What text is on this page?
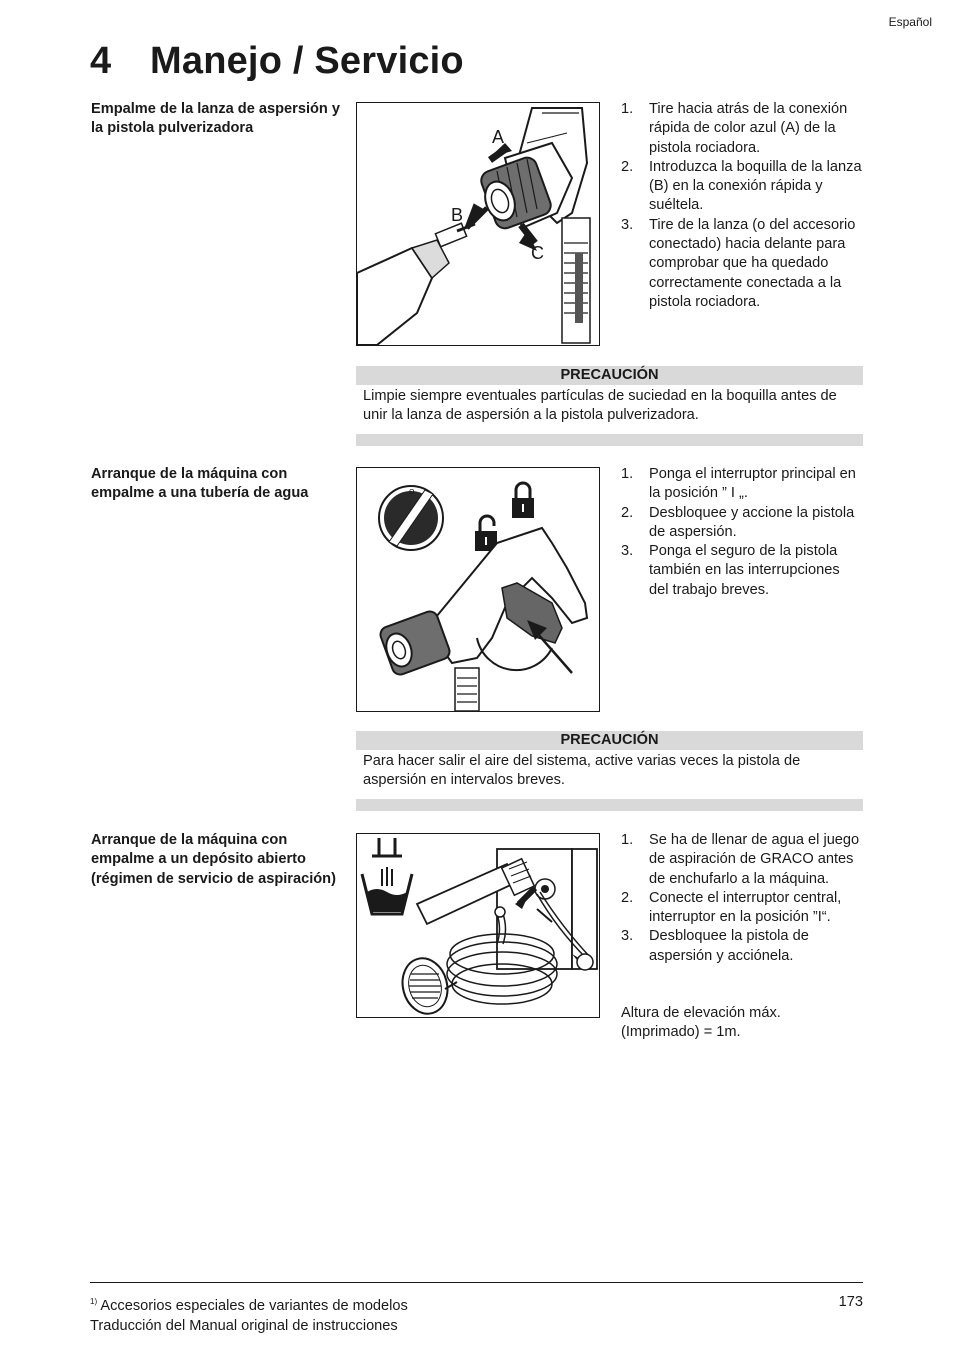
Español
4 Manejo / Servicio
Empalme de la lanza de aspersión y la pistola pulverizadora	A
B
C
1. Tire hacia atrás de la conexión rápida de color azul (A) de la pistola rociadora.
2. Introduzca la boquilla de la lanza (B) en la conexión rápida y suéltela.
3. Tire de la lanza (o del accesorio conectado) hacia delante para comprobar que ha quedado correctamente conectada a la pistola rociadora.
PRECAUCIÓN
Limpie siempre eventuales partículas de suciedad en la boquilla antes de unir la lanza de aspersión a la pistola pulverizadora.
Arranque de la máquina con empalme a una tubería de agua	O
1. Ponga el interruptor principal en la posición ” I „.
2. Desbloquee y accione la pistola de aspersión.
3. Ponga el seguro de la pistola también en las interrupciones del trabajo breves.
PRECAUCIÓN
Para hacer salir el aire del sistema, active varias veces la pistola de aspersión en intervalos breves.
Arranque de la máquina con empalme a un depósito abierto (régimen de servicio de aspiración)
1. Se ha de llenar de agua el juego de aspiración de GRACO antes de enchufarlo a la máquina.
2. Conecte el interruptor central, interruptor en la posición ”I“.
3. Desbloquee la pistola de aspersión y acciónela.
Altura de elevación máx. (Imprimado) = 1m.
$^{1)}$ Accesorios especiales de variantes de modelos
Traducción del Manual original de instrucciones
173
